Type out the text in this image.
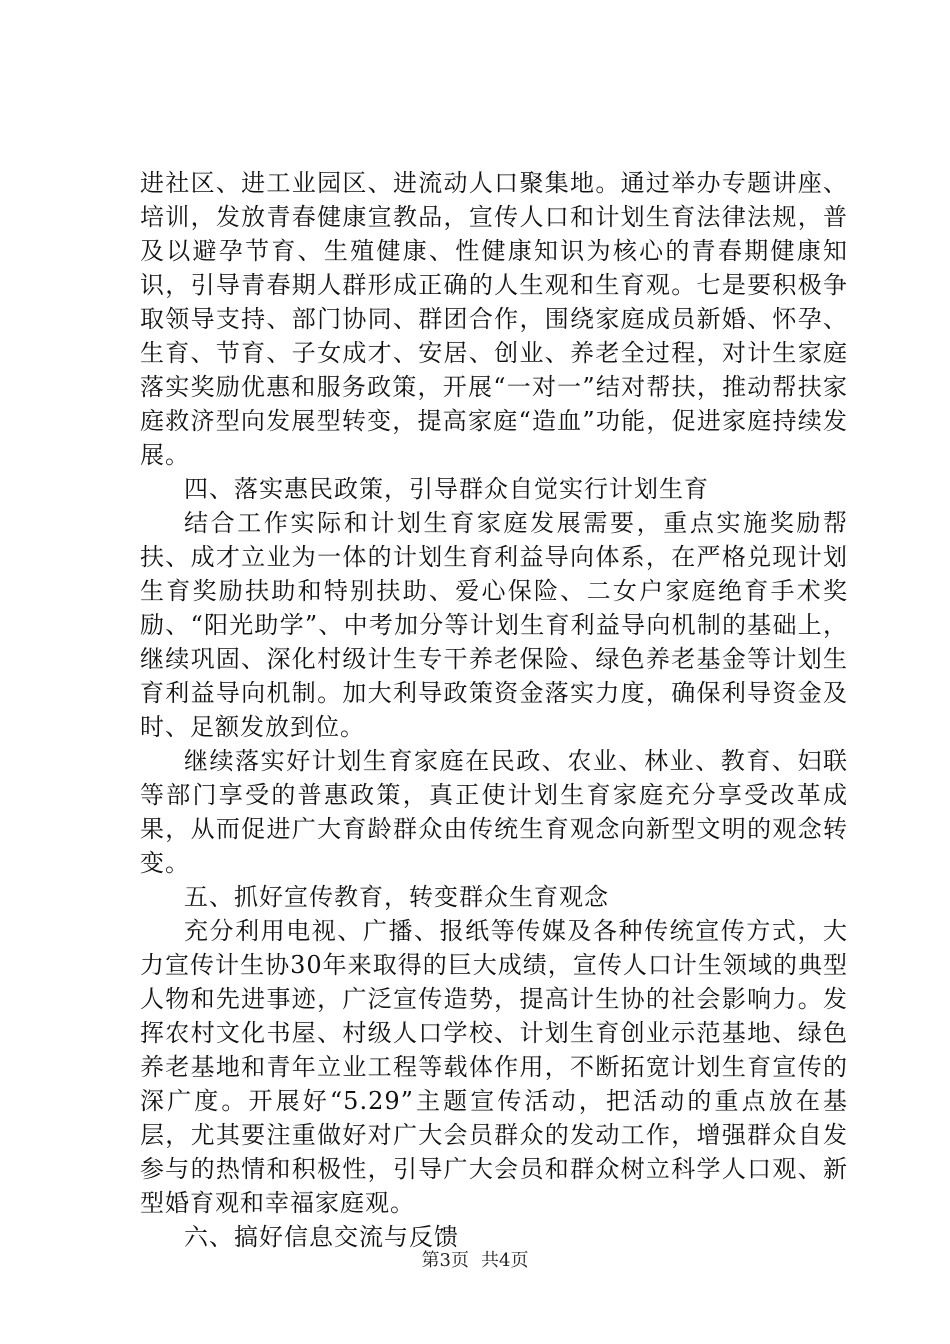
进社区、进工业园区、进流动人口聚集地。通过举办专题讲座、培训，发放青春健康宣教品，宣传人口和计划生育法律法规，普及以避孕节育、生殖健康、性健康知识为核心的青春期健康知识，引导青春期人群形成正确的人生观和生育观。七是要积极争取领导支持、部门协同、群团合作，围绕家庭成员新婚、怀孕、生育、节育、子女成才、安居、创业、养老全过程，对计生家庭落实奖励优惠和服务政策，开展“一对一”结对帮扶，推动帮扶家庭救济型向发展型转变，提高家庭“造血”功能，促进家庭持续发展。

四、落实惠民政策，引导群众自觉实行计划生育

结合工作实际和计划生育家庭发展需要，重点实施奖励帮扶、成才立业为一体的计划生育利益导向体系，在严格兑现计划生育奖励扶助和特别扶助、爱心保险、二女户家庭绝育手术奖励、“阳光助学”、中考加分等计划生育利益导向机制的基础上，继续巩固、深化村级计生专干养老保险、绿色养老基金等计划生育利益导向机制。加大利导政策资金落实力度，确保利导资金及时、足额发放到位。

继续落实好计划生育家庭在民政、农业、林业、教育、妇联等部门享受的普惠政策，真正使计划生育家庭充分享受改革成果，从而促进广大育龄群众由传统生育观念向新型文明的观念转变。

五、抓好宣传教育，转变群众生育观念

充分利用电视、广播、报纸等传媒及各种传统宣传方式，大力宣传计生协30年来取得的巨大成绩，宣传人口计生领域的典型人物和先进事迹，广泛宣传造势，提高计生协的社会影响力。发挥农村文化书屋、村级人口学校、计划生育创业示范基地、绿色养老基地和青年立业工程等载体作用，不断拓宽计划生育宣传的深广度。开展好“5.29”主题宣传活动，把活动的重点放在基层，尤其要注重做好对广大会员群众的发动工作，增强群众自发参与的热情和积极性，引导广大会员和群众树立科学人口观、新型婚育观和幸福家庭观。

六、搞好信息交流与反馈

第3页 共4页
